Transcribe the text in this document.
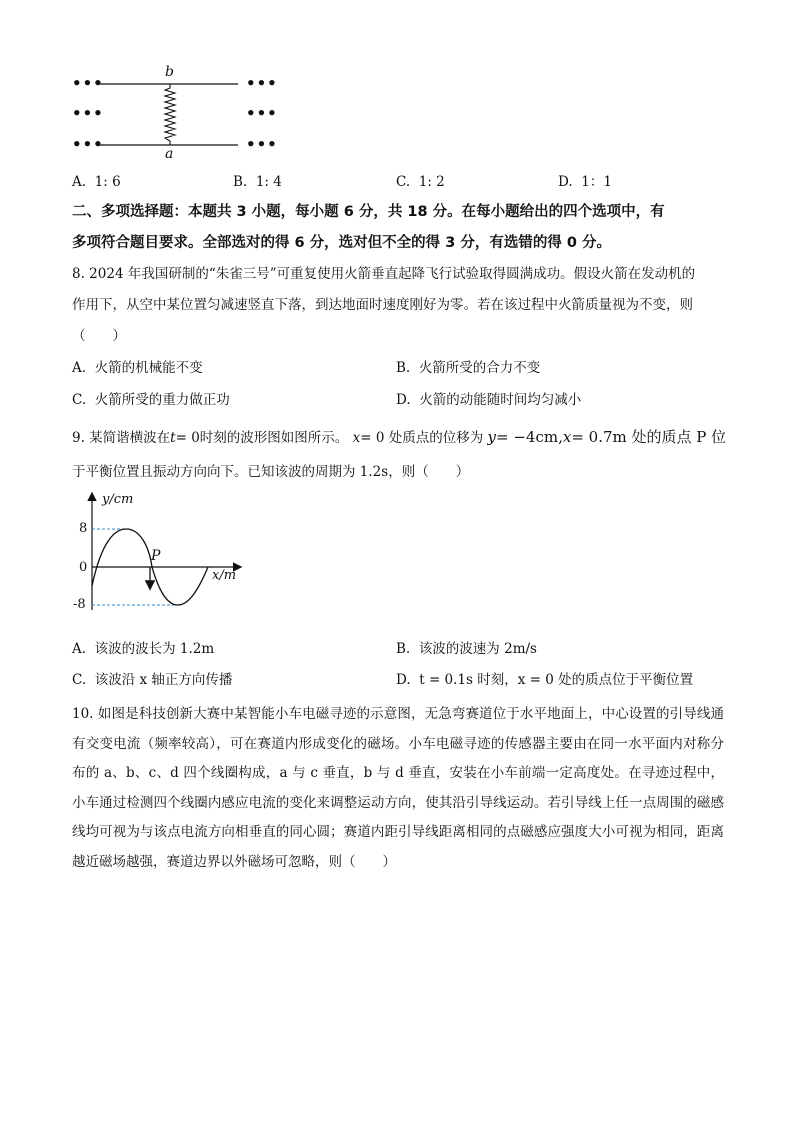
•••
•••
•••
•••
•••
•••
b
a
A. 1: 6	B. 1: 4	C. 1: 2	D. 1：1
二、多项选择题：本题共 3 小题，每小题 6 分，共 18 分。在每小题给出的四个选项中，有
多项符合题目要求。全部选对的得 6 分，选对但不全的得 3 分，有选错的得 0 分。
8. 2024 年我国研制的“朱雀三号”可重复使用火箭垂直起降飞行试验取得圆满成功。假设火箭在发动机的
作用下，从空中某位置匀减速竖直下落，到达地面时速度刚好为零。若在该过程中火箭质量视为不变，则
（　　）
A. 火箭的机械能不变	B. 火箭所受的合力不变
C. 火箭所受的重力做正功	D. 火箭的动能随时间均匀减小
9. 某简谐横波在t= 0时刻的波形图如图所示。 x= 0 处质点的位移为 y= −4cm,x= 0.7m 处的质点 P 位
于平衡位置且振动方向向下。已知该波的周期为 1.2s，则（　　）
y/cm
x/m
8
0
-8
P
A. 该波的波长为 1.2m	B. 该波的波速为 2m/s
C. 该波沿 x 轴正方向传播	D. t = 0.1s 时刻，x = 0 处的质点位于平衡位置
10. 如图是科技创新大赛中某智能小车电磁寻迹的示意图，无急弯赛道位于水平地面上，中心设置的引导线通有交变电流（频率较高），可在赛道内形成变化的磁场。小车电磁寻迹的传感器主要由在同一水平面内对称分布的 a、b、c、d 四个线圈构成，a 与 c 垂直，b 与 d 垂直，安装在小车前端一定高度处。在寻迹过程中，小车通过检测四个线圈内感应电流的变化来调整运动方向，使其沿引导线运动。若引导线上任一点周围的磁感线均可视为与该点电流方向相垂直的同心圆；赛道内距引导线距离相同的点磁感应强度大小可视为相同，距离越近磁场越强，赛道边界以外磁场可忽略，则（　　）
